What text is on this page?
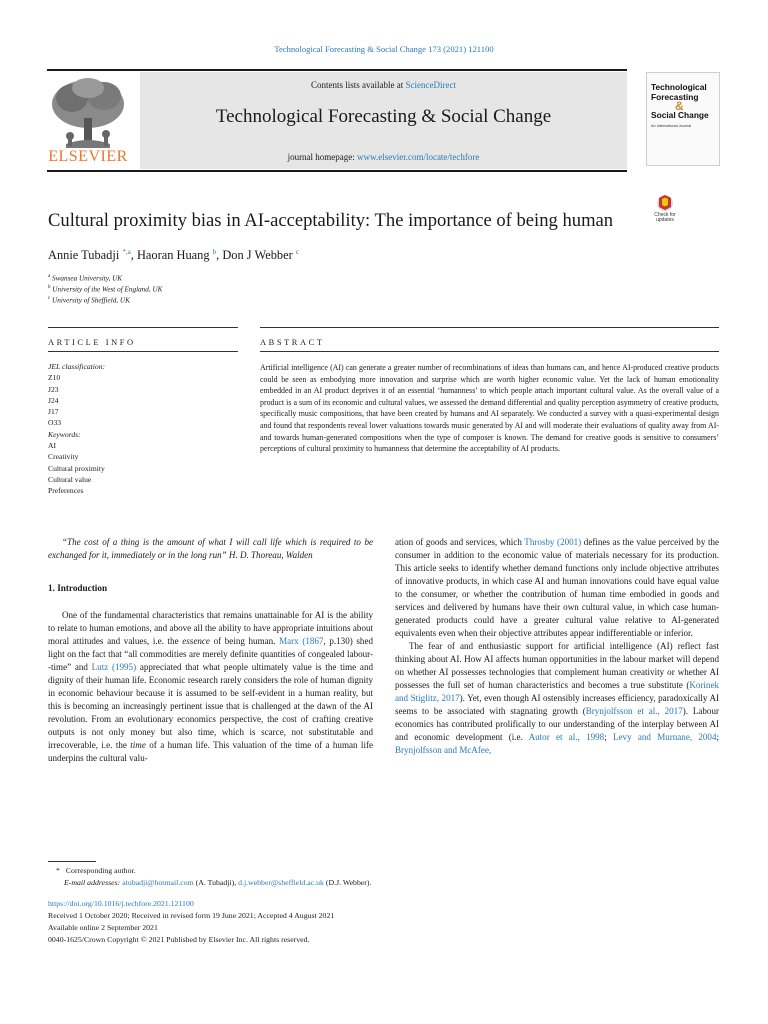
Technological Forecasting & Social Change 173 (2021) 121100
Contents lists available at ScienceDirect
Technological Forecasting & Social Change
journal homepage: www.elsevier.com/locate/techfore
ELSEVIER
Technological
Forecasting
&
Social Change
An International Journal
Cultural proximity bias in AI-acceptability: The importance of being human	Check for updates
Annie Tubadji $^{*,a}$, Haoran Huang $^b$, Don J Webber $^c$
$^a$ Swansea University, UK
$^b$ University of the West of England, UK
$^c$ University of Sheffield, UK
ARTICLE INFO	ABSTRACT
JEL classification:
Z10
J23
J24
J17
O33
Keywords:
AI
Creativity
Cultural proximity
Cultural value
Preferences
Artificial intelligence (AI) can generate a greater number of recombinations of ideas than humans can, and hence AI-produced creative products could be seen as embodying more innovation and surprise which are worth higher economic value. Yet the lack of human emotionality embedded in an AI product deprives it of an essential ‘humanness’ to which people attach important cultural value. As the overall value of a product is a sum of its economic and cultural values, we assessed the demand differential and quality perception asymmetry of creative products, specifically music compositions, that have been created by humans and AI separately. We conducted a survey with a quasi-experimental design and found that respondents reveal lower valuations towards music generated by AI and will moderate their evaluations of quality away from AI- and towards human-generated compositions when the type of composer is known. The demand for creative goods is sensitive to consumers’ perceptions of cultural proximity to humanness that determine the acceptability of AI products.

“The cost of a thing is the amount of what I will call life which is required to be exchanged for it, immediately or in the long run” H. D. Thoreau, Walden

1. Introduction

One of the fundamental characteristics that remains unattainable for AI is the ability to relate to human emotions, and above all the ability to have appropriate intuitions about moral attitudes and values, i.e. the essence of being human. Marx (1867, p.130) shed light on the fact that “all commodities are merely definite quantities of congealed labour--time” and Lutz (1995) appreciated that what people ultimately value is the time and dignity of their human life. Economic research rarely considers the role of human dignity in economic behaviour because it is assumed to be self-evident in a human reality, but this is becoming an increasingly pertinent issue that is challenged at the dawn of the AI revolution. From an evolutionary economics perspective, the cost of crafting creative outputs is not only money but also time, which is scarce, not substitutable and irrecoverable, i.e. the time of a human life. This valuation of the time of a human life underpins the cultural valu-

ation of goods and services, which Throsby (2001) defines as the value perceived by the consumer in addition to the economic value of materials necessary for its production. This article seeks to identify whether demand functions only include objective attributes of innovative products, in which case AI and human innovations could have equal value to the consumer, or whether the contribution of human time embodied in goods and services and delivered by humans have their own cultural value, in which case human-generated products could have a greater cultural value relative to AI-generated equivalents even when their objective attributes appear indifferentiable or inferior.

The fear of and enthusiastic support for artificial intelligence (AI) reflect fast thinking about AI. How AI affects human opportunities in the labour market will depend on whether AI possesses technologies that complement human creativity or whether AI possesses the full set of human characteristics and becomes a true substitute (Korinek and Stiglitz, 2017). Yet, even though AI ostensibly increases efficiency, paradoxically AI seems to be associated with stagnating growth (Brynjolfsson et al., 2017). Labour economics has contributed prolifically to our understanding of the interplay between AI and economic development (i.e. Autor et al., 1998; Levy and Murnane, 2004; Brynjolfsson and McAfee,

* Corresponding author.
E-mail addresses: atubadji@hotmail.com (A. Tubadji), d.j.webber@sheffield.ac.uk (D.J. Webber).
https://doi.org/10.1016/j.techfore.2021.121100
Received 1 October 2020; Received in revised form 19 June 2021; Accepted 4 August 2021
Available online 2 September 2021
0040-1625/Crown Copyright © 2021 Published by Elsevier Inc. All rights reserved.
